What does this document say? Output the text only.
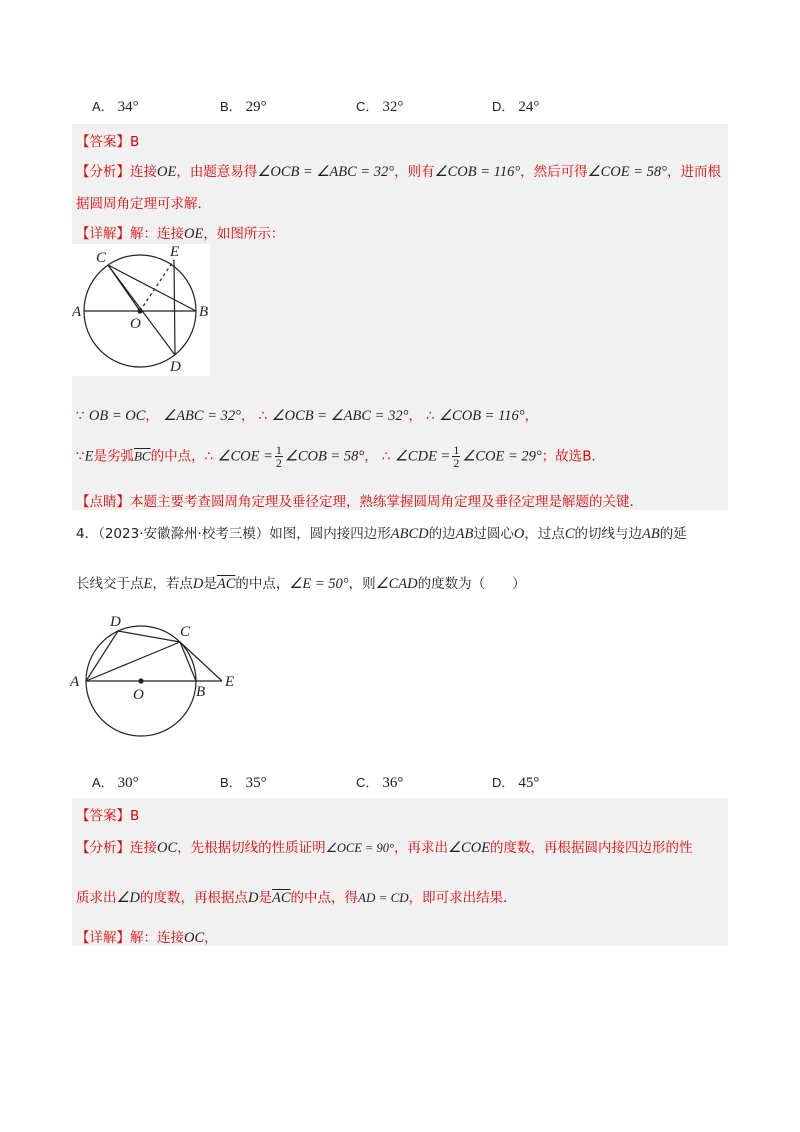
A． 34°	B． 29°	C． 32°	D． 24°
【答案】B
【分析】连接OE，由题意易得∠OCB = ∠ABC = 32°，则有∠COB = 116°，然后可得∠COE = 58°，进而根
据圆周角定理可求解．
【详解】解：连接OE，如图所示：
C	E
A	B
O
D
∵ OB = OC， ∠ABC = 32°， ∴ ∠OCB = ∠ABC = 32°， ∴ ∠COB = 116°，
∵E是劣弧$\overline{BC}$的中点，∴ ∠COE = $\frac{1}{2}$ ∠COB = 58°， ∴ ∠CDE = $\frac{1}{2}$ ∠COE = 29°；故选B．
【点睛】本题主要考查圆周角定理及垂径定理，熟练掌握圆周角定理及垂径定理是解题的关键．
4．（2023·安徽滁州·校考三模）如图，圆内接四边形ABCD的边AB过圆心O，过点C的切线与边AB的延
长线交于点E，若点D是$\overline{AC}$的中点，∠E = 50°，则∠CAD的度数为（　　）
D
C
A
O	B
E
A． 30°	B． 35°	C． 36°	D． 45°
【答案】B
【分析】连接OC，先根据切线的性质证明∠OCE = 90°，再求出∠COE的度数，再根据圆内接四边形的性
质求出∠D的度数，再根据点D是$\overline{AC}$的中点，得AD = CD，即可求出结果．
【详解】解：连接OC，
